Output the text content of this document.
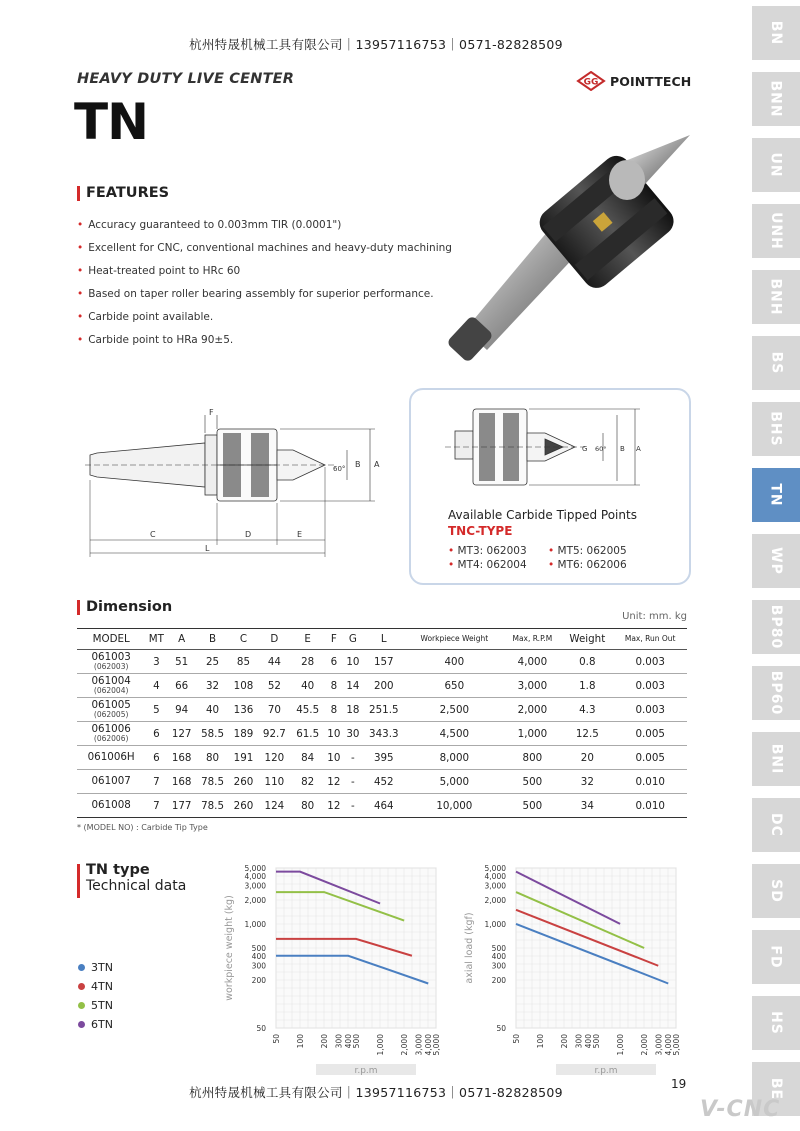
杭州特晟机械工具有限公司｜13957116753｜0571-82828509
HEAVY DUTY LIVE CENTER
TN
GG POINTTECH
FEATURES
• Accuracy guaranteed to 0.003mm TIR (0.0001")
• Excellent for CNC, conventional machines and heavy-duty machining
• Heat-treated point to HRc 60
• Based on taper roller bearing assembly for superior performance.
• Carbide point available.
• Carbide point to HRa 90±5.
F
B A
60°
C	D	E
L
G 60° B A
Available Carbide Tipped Points
TNC-TYPE
• MT3: 062003	• MT5: 062005
• MT4: 062004	• MT6: 062006
Dimension
Unit: mm. kg
MODEL	MT	A	B	C	D	E	F	G	L	Workpiece Weight	Max, R.P.M	Weight	Max, Run Out
061003
(062003)	3	51	25	85	44	28	6	10	157	400	4,000	0.8	0.003
061004
(062004)	4	66	32	108	52	40	8	14	200	650	3,000	1.8	0.003
061005
(062005)	5	94	40	136	70	45.5	8	18	251.5	2,500	2,000	4.3	0.003
061006
(062006)	6	127	58.5	189	92.7	61.5	10	30	343.3	4,500	1,000	12.5	0.005
061006H	6	168	80	191	120	84	10	-	395	8,000	800	20	0.005
061007	7	168	78.5	260	110	82	12	-	452	5,000	500	32	0.010
061008	7	177	78.5	260	124	80	12	-	464	10,000	500	34	0.010
* (MODEL NO) : Carbide Tip Type
TN type
Technical data
3TN
4TN
5TN
6TN
5,000
4,000
3,000
2,000
1,000
500
400
300
200
50
50 100 200 300 400
500 1,000 2,000 3,000 4,000
5,000
workpiece weight (kg)
r.p.m
5,000
4,000
3,000
2,000
1,000
500
400
300
200
50
50 100 200 300 400
500 1,000 2,000 3,000 4,000
5,000
axial load (kgf)
r.p.m
BN
BNN
UN
UNH
BNH
BS
BHS
TN
WP
BP80
BP60
BNI
DC
SD
FD
HS
BE
19
杭州特晟机械工具有限公司｜13957116753｜0571-82828509
V-CNC
